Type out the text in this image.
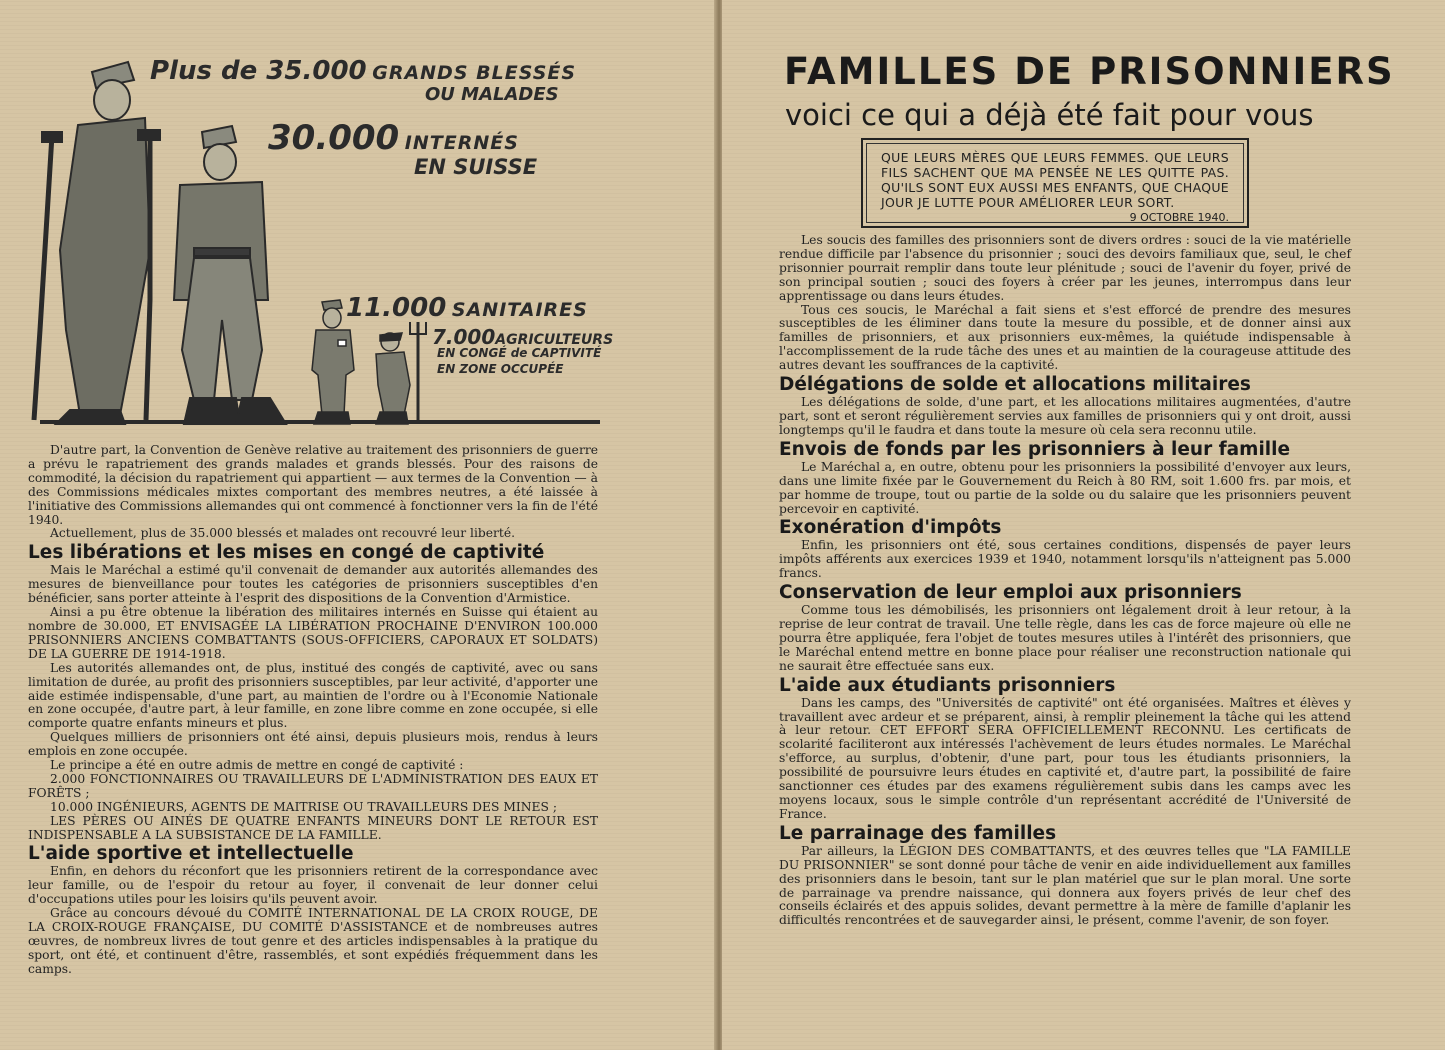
Plus de 35.000 GRANDS BLESSÉS
OU MALADES
30.000 INTERNÉS
EN SUISSE
11.000 SANITAIRES
7.000AGRICULTEURS
EN CONGÉ de CAPTIVITÉ
EN ZONE OCCUPÉE

D'autre part, la Convention de Genève relative au traitement des prisonniers de guerre a prévu le rapatriement des grands malades et grands blessés. Pour des raisons de commodité, la décision du rapatriement qui appartient — aux termes de la Convention — à des Commissions médicales mixtes comportant des membres neutres, a été laissée à l'initiative des Commissions allemandes qui ont commencé à fonctionner vers la fin de l'été 1940.

Actuellement, plus de 35.000 blessés et malades ont recouvré leur liberté.

Les libérations et les mises en congé de captivité

Mais le Maréchal a estimé qu'il convenait de demander aux autorités allemandes des mesures de bienveillance pour toutes les catégories de prisonniers susceptibles d'en bénéficier, sans porter atteinte à l'esprit des dispositions de la Convention d'Armistice.

Ainsi a pu être obtenue la libération des militaires internés en Suisse qui étaient au nombre de 30.000, ET ENVISAGÉE LA LIBÉRATION PROCHAINE D'ENVIRON 100.000 PRISONNIERS ANCIENS COMBATTANTS (SOUS-OFFICIERS, CAPORAUX ET SOLDATS) DE LA GUERRE DE 1914-1918.

Les autorités allemandes ont, de plus, institué des congés de captivité, avec ou sans limitation de durée, au profit des prisonniers susceptibles, par leur activité, d'apporter une aide estimée indispensable, d'une part, au maintien de l'ordre ou à l'Economie Nationale en zone occupée, d'autre part, à leur famille, en zone libre comme en zone occupée, si elle comporte quatre enfants mineurs et plus.

Quelques milliers de prisonniers ont été ainsi, depuis plusieurs mois, rendus à leurs emplois en zone occupée.

Le principe a été en outre admis de mettre en congé de captivité :

2.000 FONCTIONNAIRES OU TRAVAILLEURS DE L'ADMINISTRATION DES EAUX ET FORÊTS ;

10.000 INGÉNIEURS, AGENTS DE MAITRISE OU TRAVAILLEURS DES MINES ;

LES PÈRES OU AINÉS DE QUATRE ENFANTS MINEURS DONT LE RETOUR EST INDISPENSABLE A LA SUBSISTANCE DE LA FAMILLE.

L'aide sportive et intellectuelle

Enfin, en dehors du réconfort que les prisonniers retirent de la correspondance avec leur famille, ou de l'espoir du retour au foyer, il convenait de leur donner celui d'occupations utiles pour les loisirs qu'ils peuvent avoir.

Grâce au concours dévoué du COMITÉ INTERNATIONAL DE LA CROIX ROUGE, DE LA CROIX-ROUGE FRANÇAISE, DU COMITÉ D'ASSISTANCE et de nombreuses autres œuvres, de nombreux livres de tout genre et des articles indispensables à la pratique du sport, ont été, et continuent d'être, rassemblés, et sont expédiés fréquemment dans les camps.

FAMILLES DE PRISONNIERS
voici ce qui a déjà été fait pour vous
QUE LEURS MÈRES QUE LEURS FEMMES. QUE LEURS FILS SACHENT QUE MA PENSÉE NE LES QUITTE PAS. QU'ILS SONT EUX AUSSI MES ENFANTS, QUE CHAQUE JOUR JE LUTTE POUR AMÉLIORER LEUR SORT.
9 OCTOBRE 1940.

Les soucis des familles des prisonniers sont de divers ordres : souci de la vie matérielle rendue difficile par l'absence du prisonnier ; souci des devoirs familiaux que, seul, le chef prisonnier pourrait remplir dans toute leur plénitude ; souci de l'avenir du foyer, privé de son principal soutien ; souci des foyers à créer par les jeunes, interrompus dans leur apprentissage ou dans leurs études.

Tous ces soucis, le Maréchal a fait siens et s'est efforcé de prendre des mesures susceptibles de les éliminer dans toute la mesure du possible, et de donner ainsi aux familles de prisonniers, et aux prisonniers eux-mêmes, la quiétude indispensable à l'accomplissement de la rude tâche des unes et au maintien de la courageuse attitude des autres devant les souffrances de la captivité.

Délégations de solde et allocations militaires

Les délégations de solde, d'une part, et les allocations militaires augmentées, d'autre part, sont et seront régulièrement servies aux familles de prisonniers qui y ont droit, aussi longtemps qu'il le faudra et dans toute la mesure où cela sera reconnu utile.

Envois de fonds par les prisonniers à leur famille

Le Maréchal a, en outre, obtenu pour les prisonniers la possibilité d'envoyer aux leurs, dans une limite fixée par le Gouvernement du Reich à 80 RM, soit 1.600 frs. par mois, et par homme de troupe, tout ou partie de la solde ou du salaire que les prisonniers peuvent percevoir en captivité.

Exonération d'impôts

Enfin, les prisonniers ont été, sous certaines conditions, dispensés de payer leurs impôts afférents aux exercices 1939 et 1940, notamment lorsqu'ils n'atteignent pas 5.000 francs.

Conservation de leur emploi aux prisonniers

Comme tous les démobilisés, les prisonniers ont légalement droit à leur retour, à la reprise de leur contrat de travail. Une telle règle, dans les cas de force majeure où elle ne pourra être appliquée, fera l'objet de toutes mesures utiles à l'intérêt des prisonniers, que le Maréchal entend mettre en bonne place pour réaliser une reconstruction nationale qui ne saurait être effectuée sans eux.

L'aide aux étudiants prisonniers

Dans les camps, des "Universités de captivité" ont été organisées. Maîtres et élèves y travaillent avec ardeur et se préparent, ainsi, à remplir pleinement la tâche qui les attend à leur retour. CET EFFORT SERA OFFICIELLEMENT RECONNU. Les certificats de scolarité faciliteront aux intéressés l'achèvement de leurs études normales. Le Maréchal s'efforce, au surplus, d'obtenir, d'une part, pour tous les étudiants prisonniers, la possibilité de poursuivre leurs études en captivité et, d'autre part, la possibilité de faire sanctionner ces études par des examens régulièrement subis dans les camps avec les moyens locaux, sous le simple contrôle d'un représentant accrédité de l'Université de France.

Le parrainage des familles

Par ailleurs, la LÉGION DES COMBATTANTS, et des œuvres telles que "LA FAMILLE DU PRISONNIER" se sont donné pour tâche de venir en aide individuellement aux familles des prisonniers dans le besoin, tant sur le plan matériel que sur le plan moral. Une sorte de parrainage va prendre naissance, qui donnera aux foyers privés de leur chef des conseils éclairés et des appuis solides, devant permettre à la mère de famille d'aplanir les difficultés rencontrées et de sauvegarder ainsi, le présent, comme l'avenir, de son foyer.
